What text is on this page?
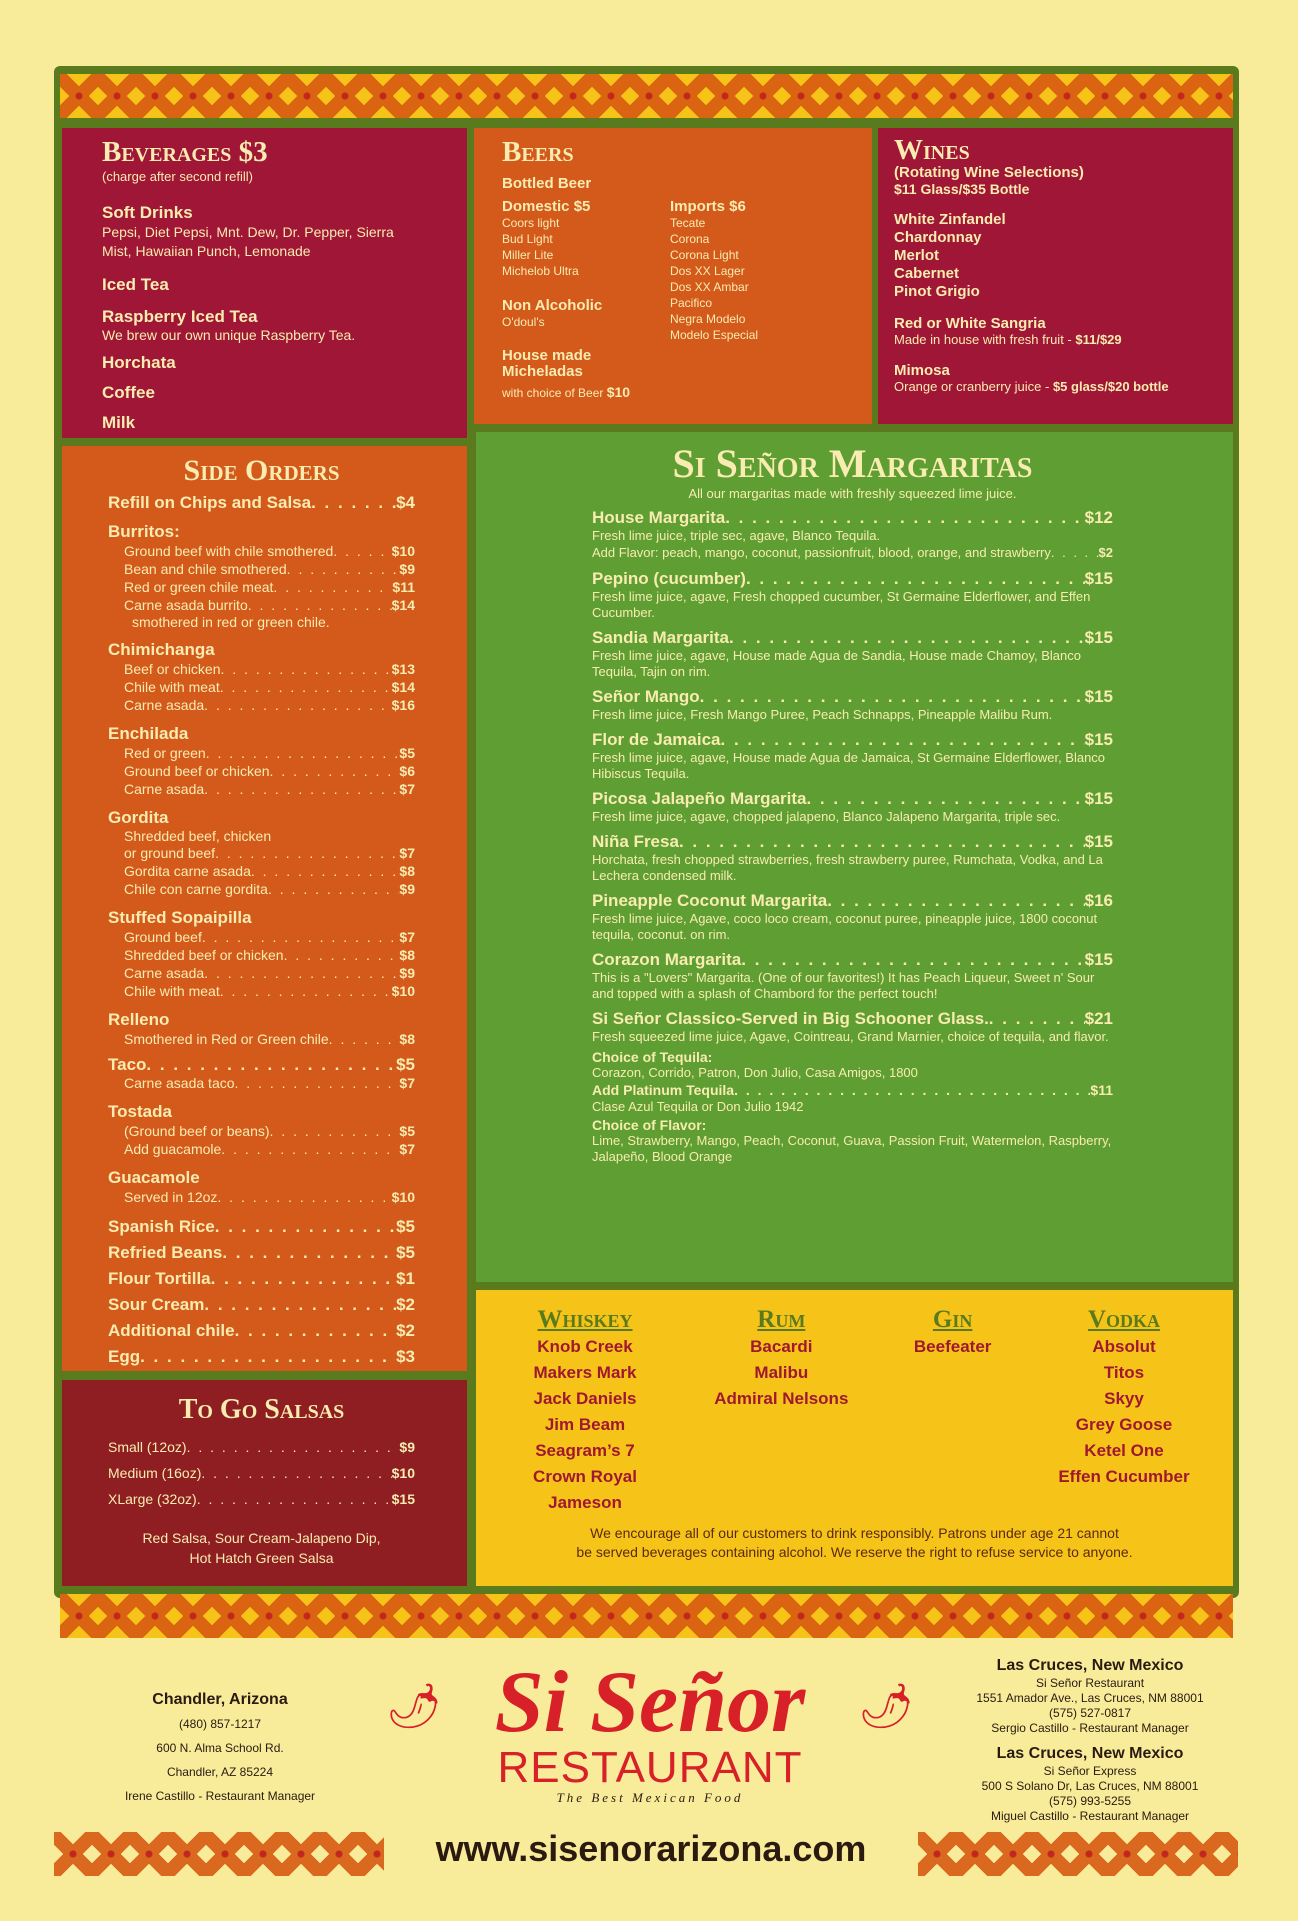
Beverages $3
(charge after second refill)
Soft Drinks
Pepsi, Diet Pepsi, Mnt. Dew, Dr. Pepper, Sierra Mist, Hawaiian Punch, Lemonade
Iced Tea
Raspberry Iced Tea
We brew our own unique Raspberry Tea.
Horchata
Coffee
Milk
Beers
Bottled Beer
Domestic $5
Coors light
Bud Light
Miller Lite
Michelob Ultra
Non Alcoholic
O'doul's
House made Micheladas
with choice of Beer $10
Imports $6
Tecate
Corona
Corona Light
Dos XX Lager
Dos XX Ambar
Pacifico
Negra Modelo
Modelo Especial
Wines
(Rotating Wine Selections)
$11 Glass/$35 Bottle
White Zinfandel
Chardonnay
Merlot
Cabernet
Pinot Grigio
Red or White Sangria
Made in house with fresh fruit - $11/$29
Mimosa
Orange or cranberry juice - $5 glass/$20 bottle
Side Orders
Refill on Chips and Salsa . . .	$4
Burritos:
Ground beef with chile smothered . . .	$10
Bean and chile smothered . . .	$9
Red or green chile meat . . .	$11
Carne asada burrito . . .	$14
smothered in red or green chile.
Chimichanga
Beef or chicken . . .	$13
Chile with meat . . .	$14
Carne asada . . .	$16
Enchilada
Red or green . . .	$5
Ground beef or chicken . . .	$6
Carne asada . . .	$7
Gordita
Shredded beef, chicken
or ground beef . . .	$7
Gordita carne asada . . .	$8
Chile con carne gordita . . .	$9
Stuffed Sopaipilla
Ground beef . . .	$7
Shredded beef or chicken . . .	$8
Carne asada . . .	$9
Chile with meat . . .	$10
Relleno
Smothered in Red or Green chile . . .	$8
Taco . . .	$5
Carne asada taco . . .	$7
Tostada
(Ground beef or beans) . . .	$5
Add guacamole . . .	$7
Guacamole
Served in 12oz . . .	$10
Spanish Rice . . .	$5
Refried Beans . . .	$5
Flour Tortilla . . .	$1
Sour Cream . . .	$2
Additional chile . . .	$2
Egg . . .	$3
. . .
To Go Salsas
Small (12oz) . . .	$9
Medium (16oz) . . .	$10
XLarge (32oz) . . .	$15
Red Salsa, Sour Cream-Jalapeno Dip,
Hot Hatch Green Salsa
Si Señor Margaritas
All our margaritas made with freshly squeezed lime juice.
House Margarita . . .	$12
Fresh lime juice, triple sec, agave, Blanco Tequila.
Add Flavor: peach, mango, coconut, passionfruit, blood, orange, and strawberry . . .	$2
Pepino (cucumber) . . .	$15
Fresh lime juice, agave, Fresh chopped cucumber, St Germaine Elderflower, and Effen Cucumber.
Sandia Margarita . . .	$15
Fresh lime juice, agave, House made Agua de Sandia, House made Chamoy, Blanco Tequila, Tajin on rim.
Señor Mango . . .	$15
Fresh lime juice, Fresh Mango Puree, Peach Schnapps, Pineapple Malibu Rum.
Flor de Jamaica . . .	$15
Fresh lime juice, agave, House made Agua de Jamaica, St Germaine Elderflower, Blanco Hibiscus Tequila.
Picosa Jalapeño Margarita . . .	$15
Fresh lime juice, agave, chopped jalapeno, Blanco Jalapeno Margarita, triple sec.
Niña Fresa . . .	$15
Horchata, fresh chopped strawberries, fresh strawberry puree, Rumchata, Vodka, and La Lechera condensed milk.
Pineapple Coconut Margarita . . .	$16
Fresh lime juice, Agave, coco loco cream, coconut puree, pineapple juice, 1800 coconut tequila, coconut. on rim.
Corazon Margarita . . .	$15
This is a "Lovers" Margarita. (One of our favorites!) It has Peach Liqueur, Sweet n' Sour and topped with a splash of Chambord for the perfect touch!
Si Señor Classico-Served in Big Schooner Glass. . . .	$21
Fresh squeezed lime juice, Agave, Cointreau, Grand Marnier, choice of tequila, and flavor.
Choice of Tequila:
Corazon, Corrido, Patron, Don Julio, Casa Amigos, 1800
Add Platinum Tequila . . .	$11
Clase Azul Tequila or Don Julio 1942
Choice of Flavor:
Lime, Strawberry, Mango, Peach, Coconut, Guava, Passion Fruit, Watermelon, Raspberry, Jalapeño, Blood Orange
Whiskey
Knob Creek
Makers Mark
Jack Daniels
Jim Beam
Seagram’s 7
Crown Royal
Jameson
Rum
Bacardi
Malibu
Admiral Nelsons
Gin
Beefeater
Vodka
Absolut
Titos
Skyy
Grey Goose
Ketel One
Effen Cucumber
We encourage all of our customers to drink responsibly. Patrons under age 21 cannot
be served beverages containing alcohol. We reserve the right to refuse service to anyone.
Chandler, Arizona
(480) 857-1217
600 N. Alma School Rd.
Chandler, AZ 85224
Irene Castillo - Restaurant Manager
🌶	🌶
Si Señor
RESTAURANT
The Best Mexican Food
www.sisenorarizona.com
Las Cruces, New Mexico
Si Señor Restaurant
1551 Amador Ave., Las Cruces, NM 88001
(575) 527-0817
Sergio Castillo - Restaurant Manager
Las Cruces, New Mexico
Si Señor Express
500 S Solano Dr, Las Cruces, NM 88001
(575) 993-5255
Miguel Castillo - Restaurant Manager
